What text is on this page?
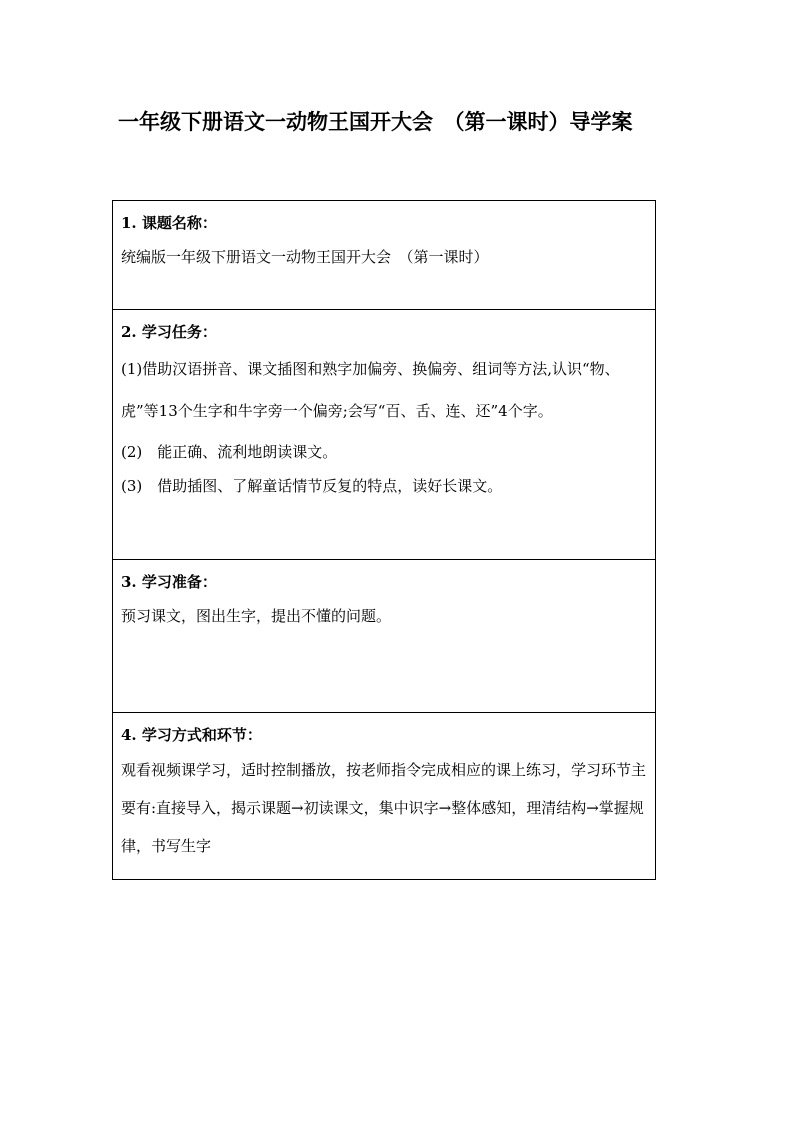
一年级下册语文一动物王国开大会　（第一课时）导学案

1. 课题名称：

统编版一年级下册语文一动物王国开大会　（第一课时）

2. 学习任务：

(1)借助汉语拼音、课文插图和熟字加偏旁、换偏旁、组词等方法,认识“物、虎”等13个生字和牛字旁一个偏旁;会写“百、舌、连、还”4个字。

(2)　能正确、流利地朗读课文。

(3)　借助插图、了解童话情节反复的特点，读好长课文。

3. 学习准备：

预习课文，图出生字，提出不懂的问题。

4. 学习方式和环节：

观看视频课学习，适时控制播放，按老师指令完成相应的课上练习，学习环节主要有:直接导入，揭示课题→初读课文，集中识字→整体感知，理清结构→掌握规律，书写生字
